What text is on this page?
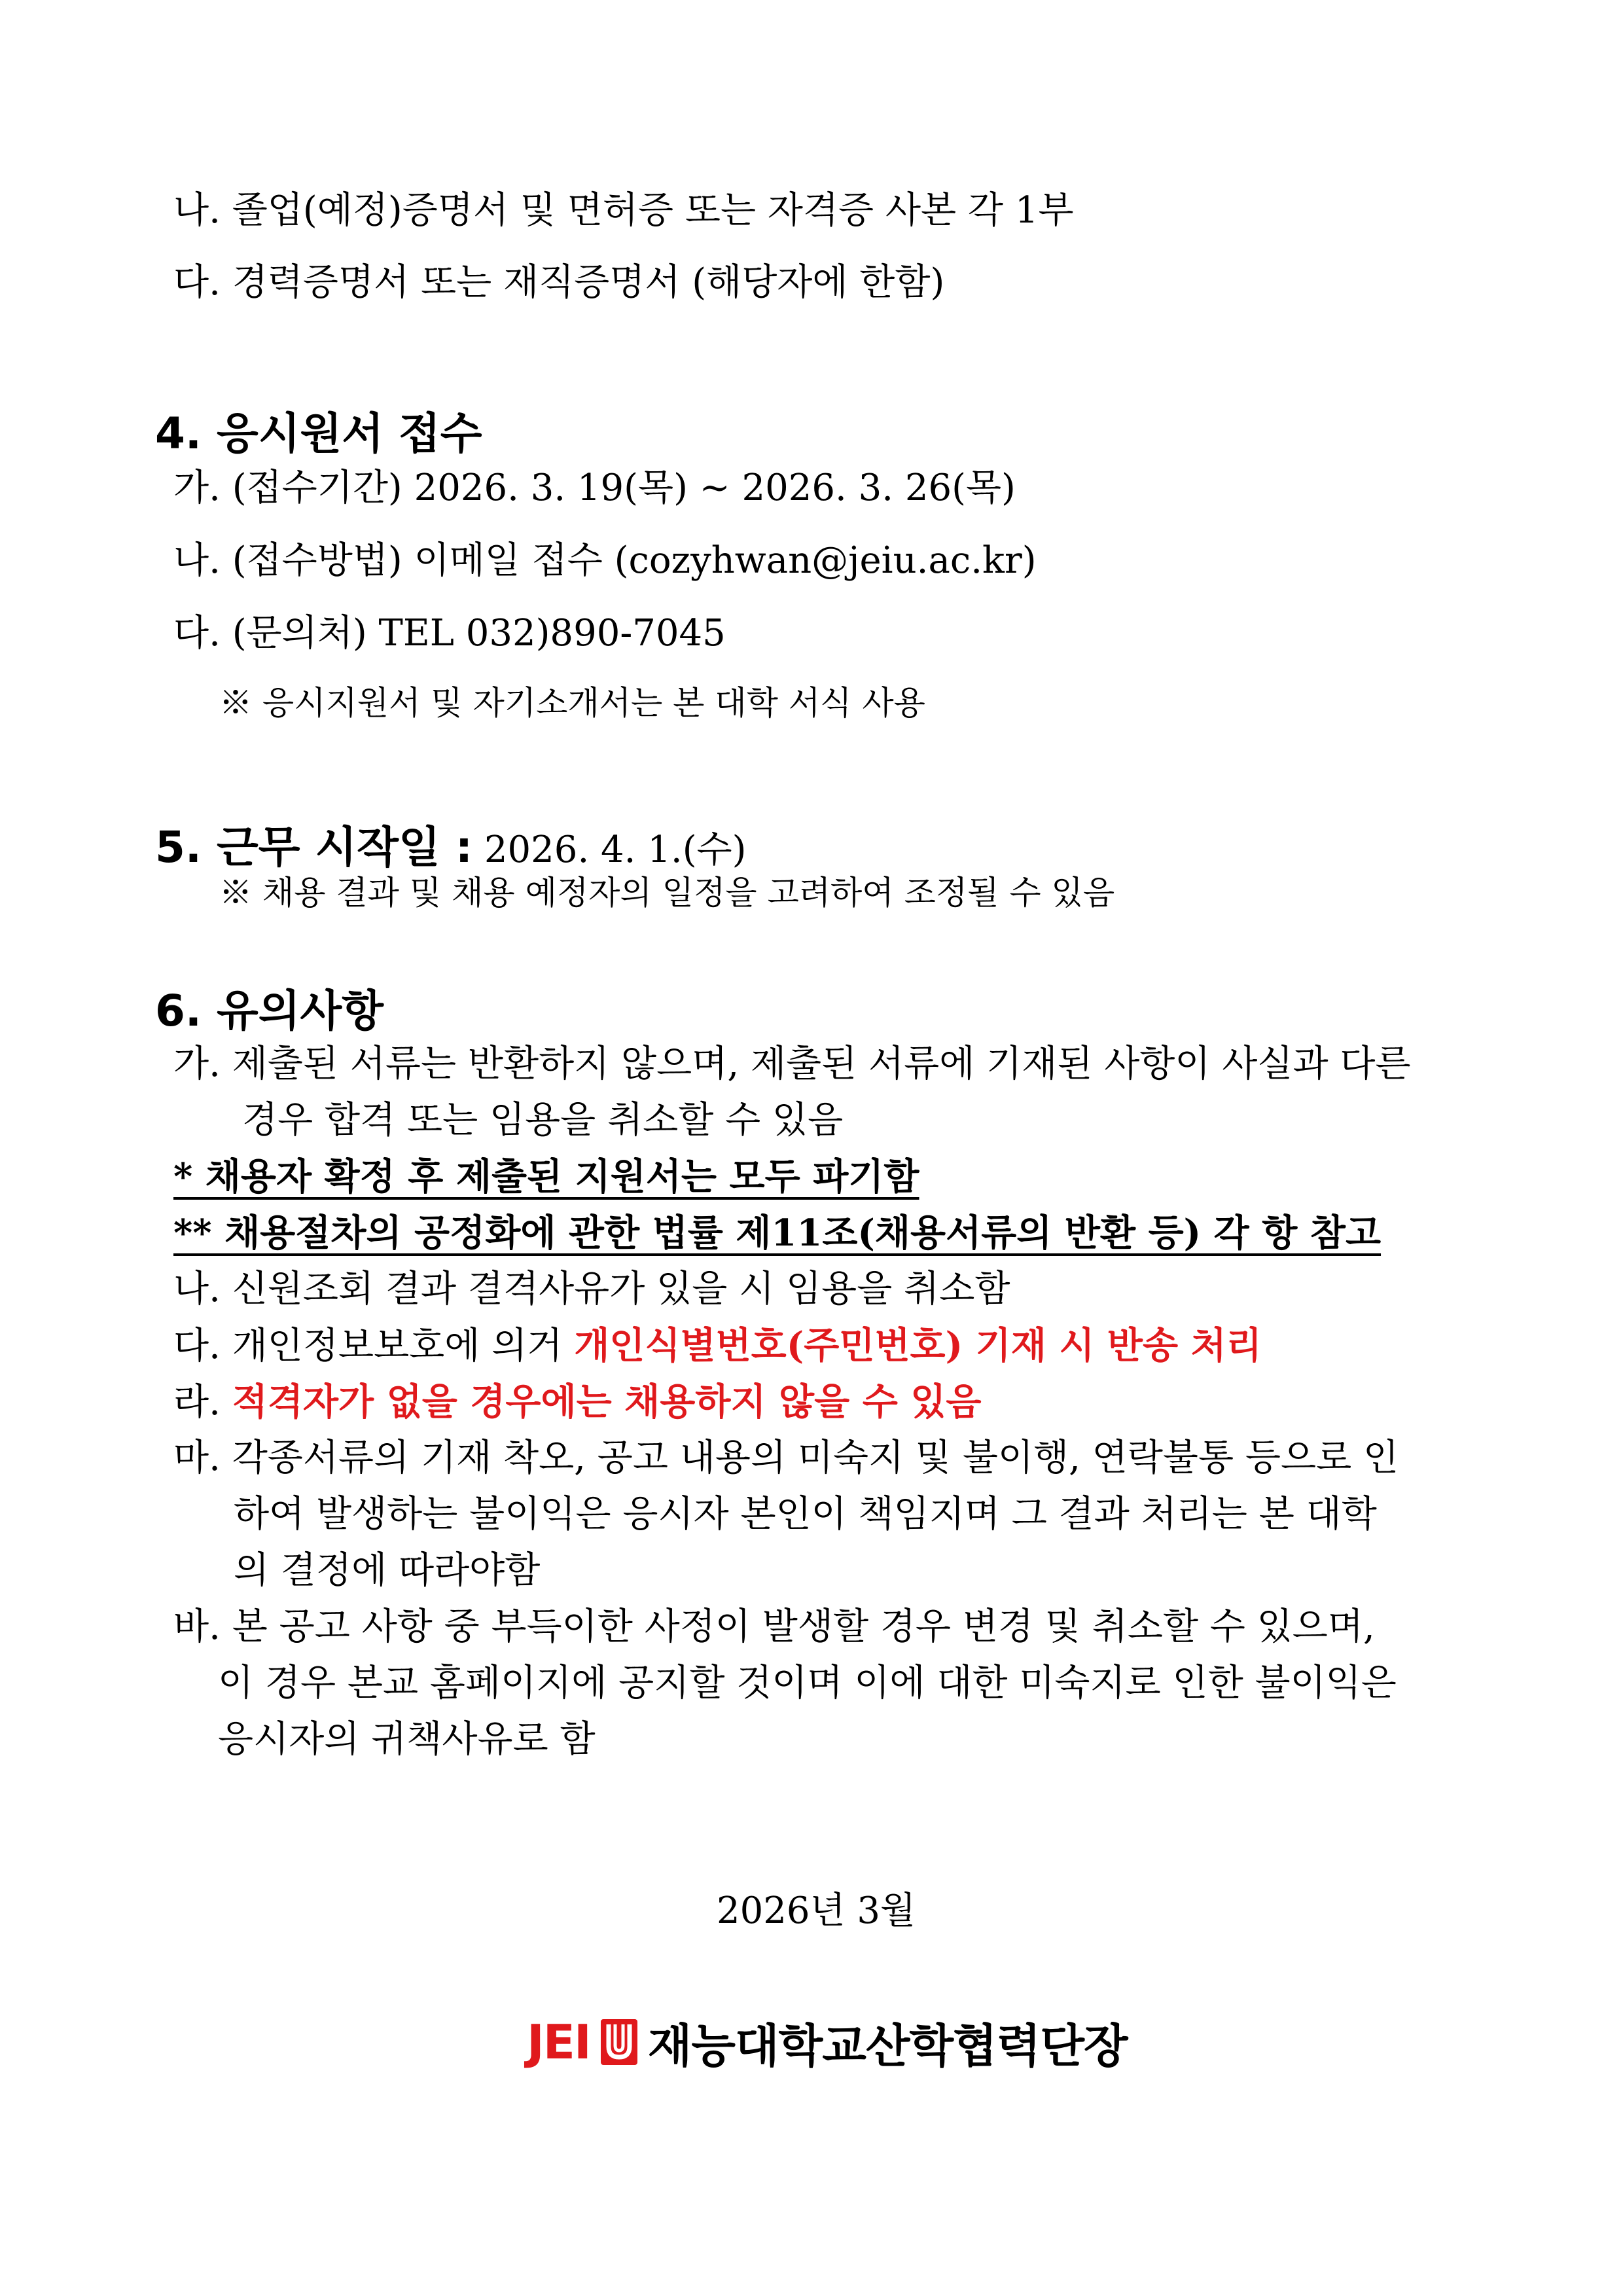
나. 졸업(예정)증명서 및 면허증 또는 자격증 사본 각 1부
다. 경력증명서 또는 재직증명서 (해당자에 한함)
4. 응시원서 접수
가. (접수기간) 2026. 3. 19(목) ~ 2026. 3. 26(목)
나. (접수방법) 이메일 접수 (cozyhwan@jeiu.ac.kr)
다. (문의처) TEL 032)890-7045
※ 응시지원서 및 자기소개서는 본 대학 서식 사용
5. 근무 시작일 : 2026. 4. 1.(수)
※ 채용 결과 및 채용 예정자의 일정을 고려하여 조정될 수 있음
6. 유의사항
가. 제출된 서류는 반환하지 않으며, 제출된 서류에 기재된 사항이 사실과 다른
경우 합격 또는 임용을 취소할 수 있음
* 채용자 확정 후 제출된 지원서는 모두 파기함
** 채용절차의 공정화에 관한 법률 제11조(채용서류의 반환 등) 각 항 참고
나. 신원조회 결과 결격사유가 있을 시 임용을 취소함
다. 개인정보보호에 의거 개인식별번호(주민번호) 기재 시 반송 처리
라. 적격자가 없을 경우에는 채용하지 않을 수 있음
마. 각종서류의 기재 착오, 공고 내용의 미숙지 및 불이행, 연락불통 등으로 인
하여 발생하는 불이익은 응시자 본인이 책임지며 그 결과 처리는 본 대학
의 결정에 따라야함
바. 본 공고 사항 중 부득이한 사정이 발생할 경우 변경 및 취소할 수 있으며,
이 경우 본교 홈페이지에 공지할 것이며 이에 대한 미숙지로 인한 불이익은
응시자의 귀책사유로 함
2026년 3월
JEI 재능대학교산학협력단장
